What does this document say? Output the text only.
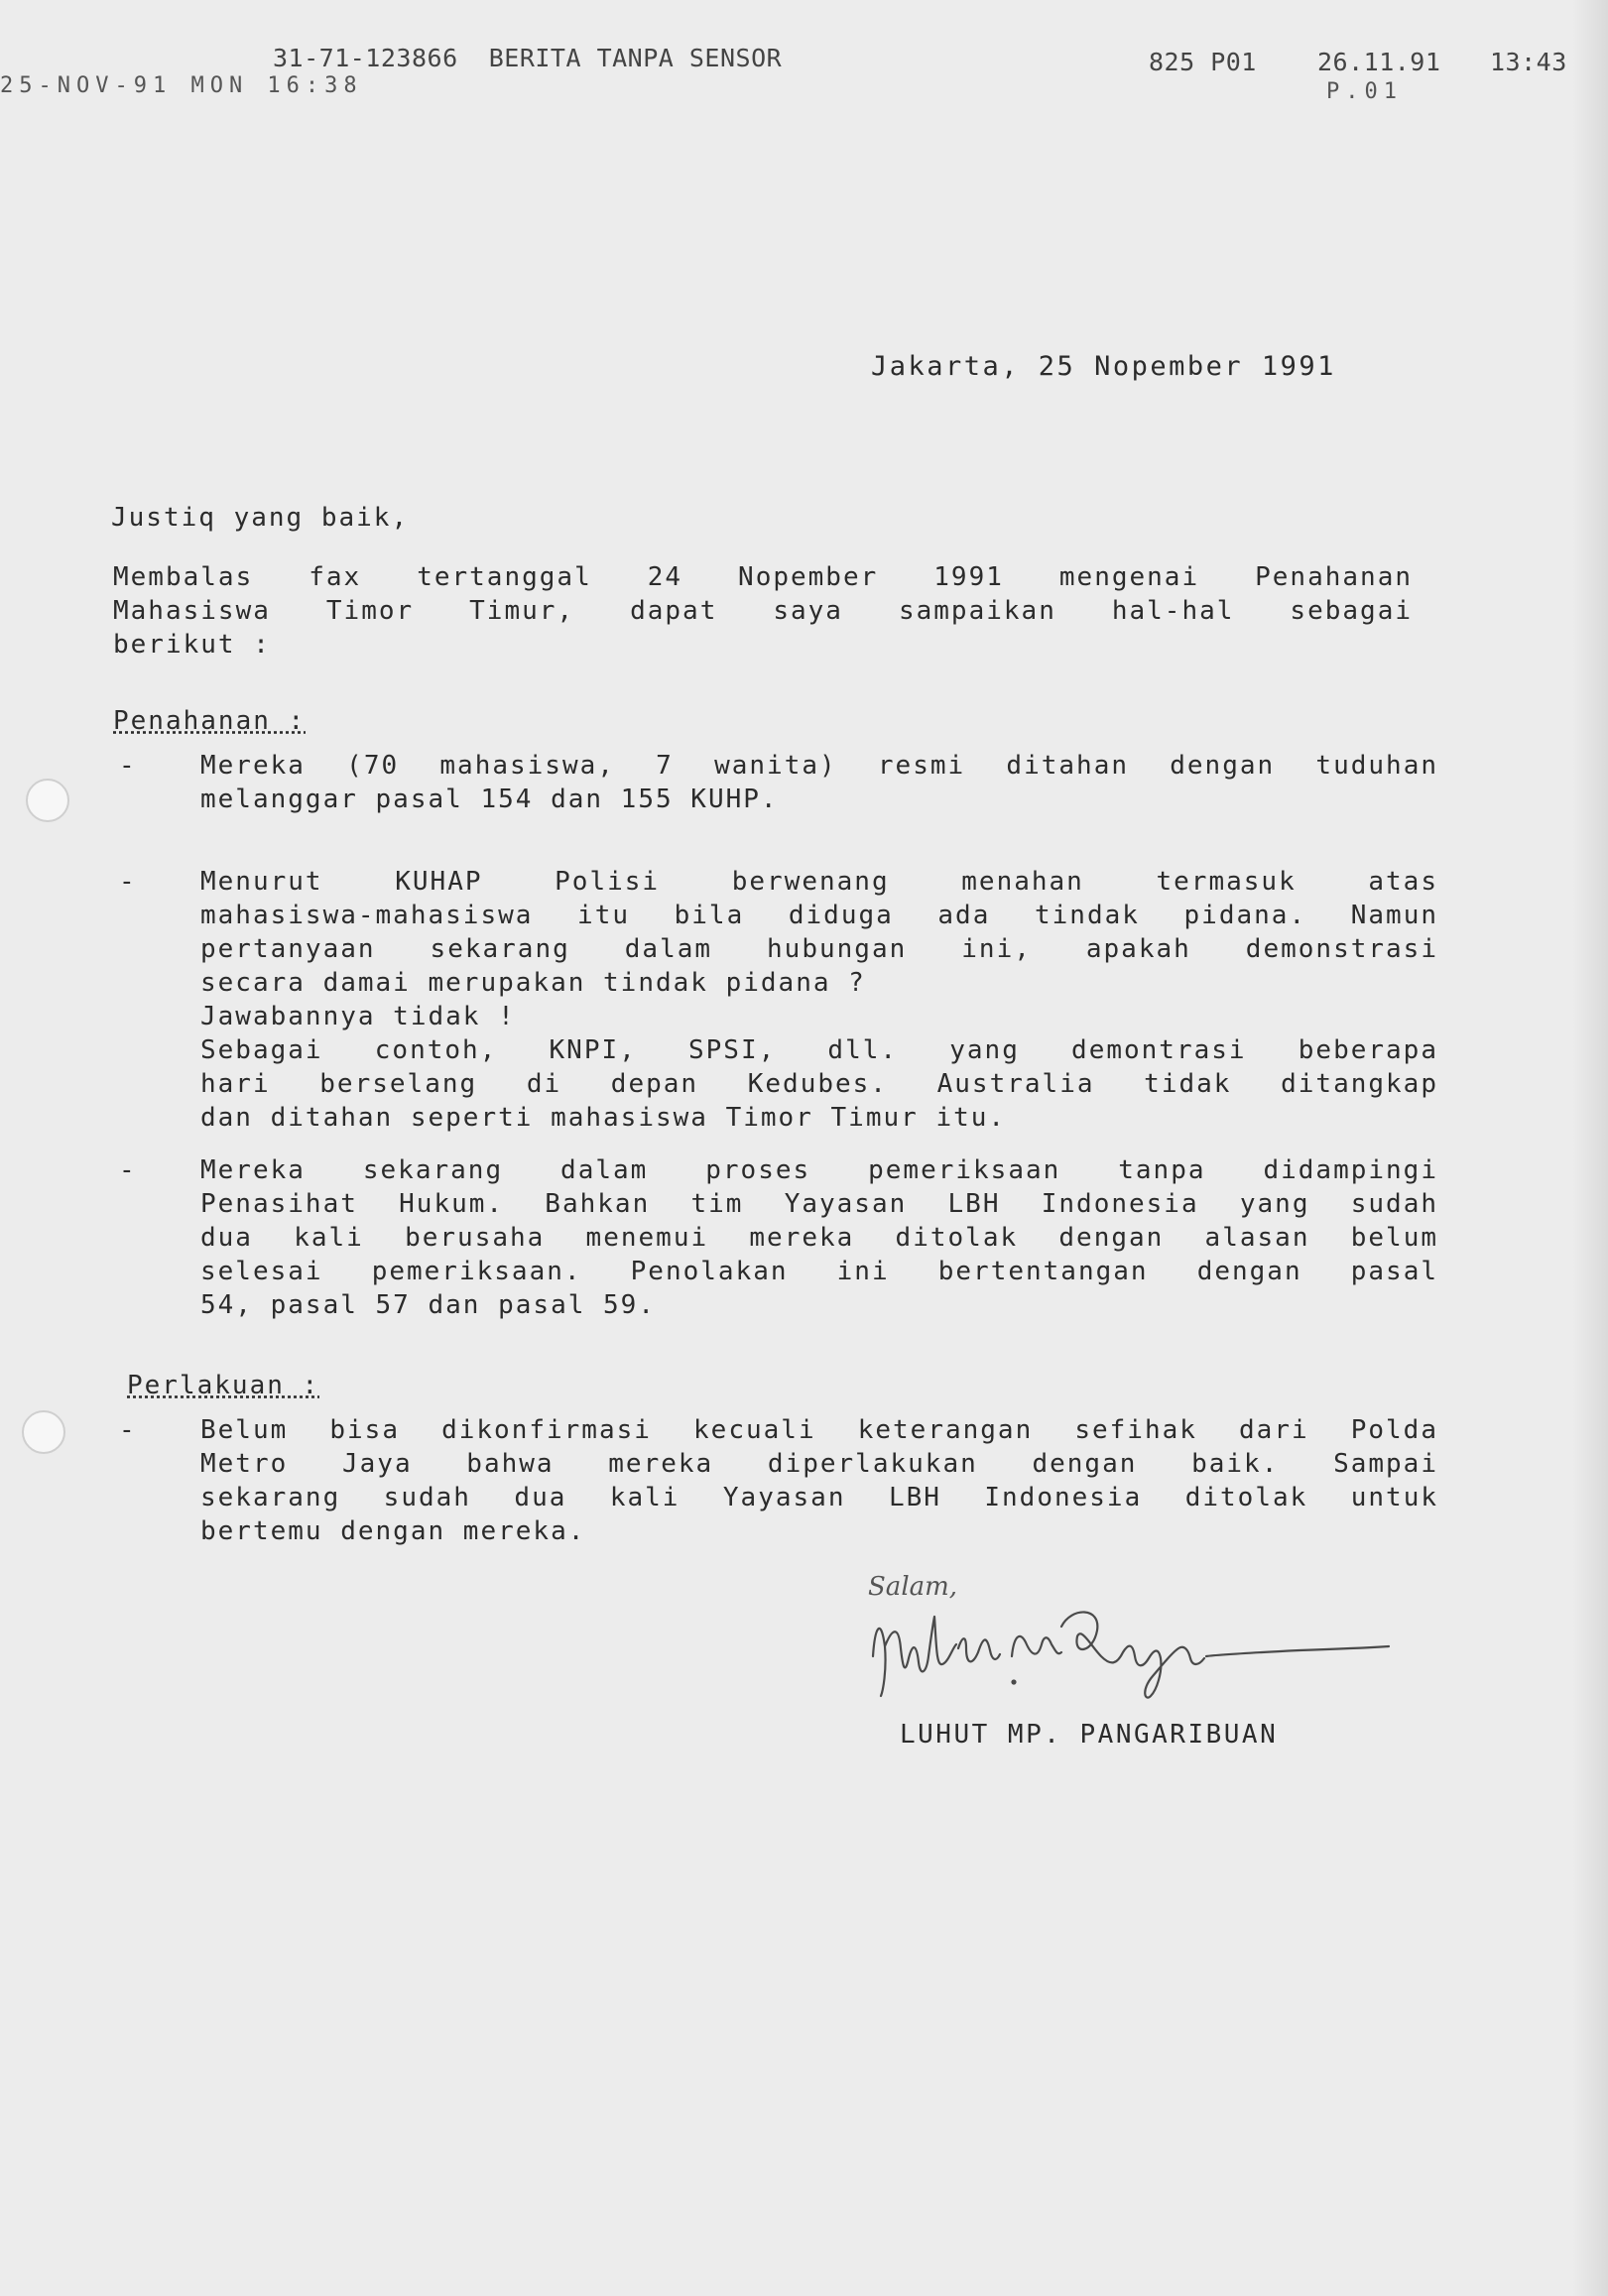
31-71-123866  BERITA TANPA SENSOR	825 P01 26.11.91 13:43
25-NOV-91 MON 16:38	P.01
Jakarta, 25 Nopember 1991
Justiq yang baik,
Membalas fax tertanggal 24 Nopember 1991 mengenai Penahanan
Mahasiswa Timor Timur, dapat saya sampaikan hal-hal sebagai
berikut :
Penahanan :
- Mereka (70 mahasiswa, 7 wanita) resmi ditahan dengan tuduhan
melanggar pasal 154 dan 155 KUHP.
- Menurut KUHAP Polisi berwenang menahan termasuk atas
mahasiswa-mahasiswa itu bila diduga ada tindak pidana. Namun
pertanyaan sekarang dalam hubungan ini, apakah demonstrasi
secara damai merupakan tindak pidana ?
Jawabannya tidak !
Sebagai contoh, KNPI, SPSI, dll. yang demontrasi beberapa
hari berselang di depan Kedubes. Australia tidak ditangkap
dan ditahan seperti mahasiswa Timor Timur itu.
- Mereka sekarang dalam proses pemeriksaan tanpa didampingi
Penasihat Hukum. Bahkan tim Yayasan LBH Indonesia yang sudah
dua kali berusaha menemui mereka ditolak dengan alasan belum
selesai pemeriksaan. Penolakan ini bertentangan dengan pasal
54, pasal 57 dan pasal 59.
Perlakuan :
- Belum bisa dikonfirmasi kecuali keterangan sefihak dari Polda
Metro Jaya bahwa mereka diperlakukan dengan baik. Sampai
sekarang sudah dua kali Yayasan LBH Indonesia ditolak untuk
bertemu dengan mereka.
Salam,
LUHUT MP. PANGARIBUAN
